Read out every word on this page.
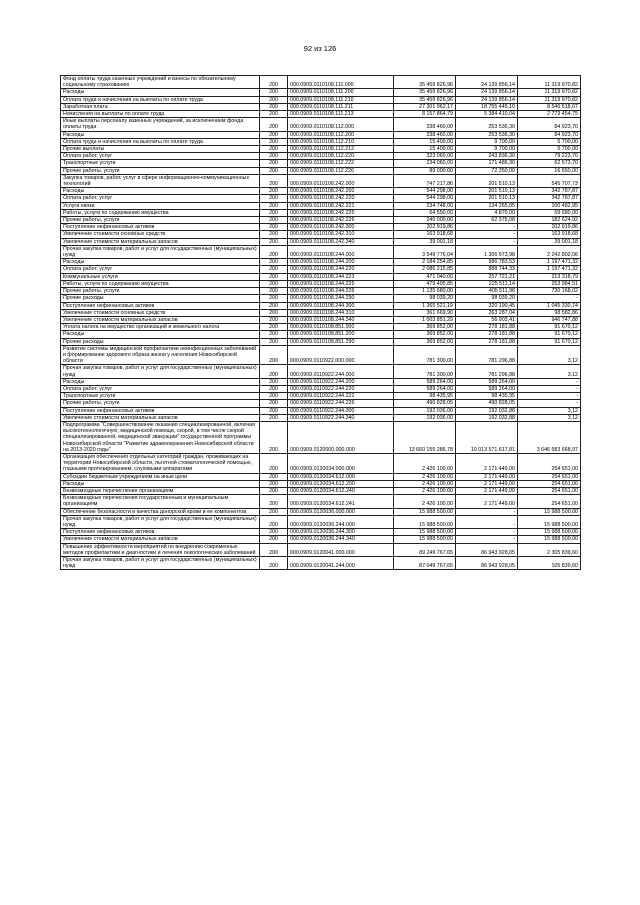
92 из 126
Фонд оплаты труда казенных учреждений и взносы по обязательному социальному страхованию	200	000.0909.0110108.111.000	35 459 826,96	24 139 856,14	11 319 970,82
Расходы	200	000.0909.0110108.111.200	35 459 826,96	24 139 856,14	11 319 970,82
Оплата труда и начисления на выплаты по оплате труда	200	000.0909.0110108.111.210	35 459 826,96	24 139 856,14	11 319 970,82
Заработная плата	200	000.0909.0110108.111.211	27 301 962,17	18 755 445,10	8 546 518,07
Начисления на выплаты по оплате труда	200	000.0909.0110108.111.213	8 157 864,79	5 384 410,04	2 773 454,75
Иные выплаты персоналу казенных учреждений, за исключением фонда оплаты труда	200	000.0909.0110108.112.000	338 460,00	253 536,30	84 923,70
Расходы	200	000.0909.0110108.112.200	338 460,00	253 536,30	84 923,70
Оплата труда и начисления на выплаты по оплате труда	200	000.0909.0110108.112.210	15 400,00	9 700,00	5 700,00
Прочие выплаты	200	000.0909.0110108.112.212	15 400,00	9 700,00	5 700,00
Оплата работ, услуг	200	000.0909.0110108.112.220	323 060,00	243 836,30	79 223,70
Транспортные услуги	200	000.0909.0110108.112.222	234 060,00	171 486,30	62 573,70
Прочие работы, услуги	200	000.0909.0110108.112.226	89 000,00	72 350,00	16 650,00
Закупка товаров, работ, услуг в сфере информационно-коммуникационных технологий	200	000.0909.0110108.242.000	747 217,86	201 510,13	545 707,73
Расходы	200	000.0909.0110108.242.200	544 298,00	201 510,13	342 787,87
Оплата работ, услуг	200	000.0909.0110108.242.220	544 298,00	201 510,13	342 787,87
Услуги связи	200	000.0909.0110108.242.221	234 748,00	134 265,05	100 482,95
Работы, услуги по содержанию имущества	200	000.0909.0110108.242.225	64 550,00	4 870,00	59 680,00
Прочие работы, услуги	200	000.0909.0110108.242.226	245 000,00	62 375,08	182 624,92
Поступление нефинансовых активов	200	000.0909.0110108.242.300	202 919,86	-	202 919,86
Увеличение стоимости основных средств	200	000.0909.0110108.242.310	163 918,68	-	163 918,68
Увеличение стоимости материальных запасов	200	000.0909.0110108.242.340	39 001,18	-	39 001,18
Прочая закупка товаров, работ и услуг для государственных (муниципальных) нужд	200	000.0909.0110108.244.000	3 549 776,04	1 306 973,98	2 242 802,06
Расходы	200	000.0909.0110108.244.200	2 184 254,85	986 783,53	1 197 471,32
Оплата работ, услуг	200	000.0909.0110108.244.220	2 086 215,85	888 744,33	1 197 471,32
Коммунальные услуги	200	000.0909.0110108.244.223	471 040,00	257 721,21	213 318,79
Работы, услуги по содержанию имущества	200	000.0909.0110108.244.225	479 495,85	225 511,14	253 984,51
Прочие работы, услуги	200	000.0909.0110108.244.226	1 135 680,00	405 511,98	730 168,02
Прочие расходы	200	000.0909.0110108.244.290	98 039,20	98 039,20	-
Поступление нефинансовых активов	200	000.0909.0110108.244.300	1 365 521,19	320 190,45	1 045 330,74
Увеличение стоимости основных средств	200	000.0909.0110108.244.310	361 669,90	263 287,04	98 582,86
Увеличение стоимости материальных запасов	200	000.0909.0110108.244.340	1 003 851,29	56 903,41	946 747,88
Уплата налога на имущество организаций и земельного налога	200	000.0909.0110108.851.000	369 852,00	278 181,88	91 670,12
Расходы	200	000.0909.0110108.851.200	369 852,00	278 181,88	91 670,12
Прочие расходы	200	000.0909.0110108.851.290	369 852,00	278 181,88	91 670,12
Развитие системы медицинской профилактики неинфекционных заболеваний и формирование здорового образа жизни у населения Новосибирской области	200	000.0909.0110922.000.000	781 300,00	781 296,88	3,12
Прочая закупка товаров, работ и услуг для государственных (муниципальных) нужд	200	000.0909.0110922.244.000	781 300,00	781 296,88	3,12
Расходы	200	000.0909.0110922.244.200	589 264,00	589 264,00	-
Оплата работ, услуг	200	000.0909.0110922.244.220	589 264,00	589 264,00	-
Транспортные услуги	200	000.0909.0110922.244.222	98 435,95	98 435,95	-
Прочие работы, услуги	200	000.0909.0110922.244.226	490 828,05	490 828,05	-
Поступление нефинансовых активов	200	000.0909.0110922.244.300	192 036,00	192 032,88	3,12
Увеличение стоимости материальных запасов	200	000.0909.0110922.244.340	192 036,00	192 032,88	3,12
Подпрограмма "Совершенствование оказания специализированной, включая высокотехнологичную, медицинской помощи, скорой, в том числе скорой специализированной, медицинской эвакуации" государственной программы Новосибирской области "Развитие здравоохранения Новосибирской области на 2013-2020 годы"	200	000.0909.0120000.000.000	13 660 155 286,78	10 013 571 617,81	3 646 583 668,97
Организация обеспечения отдельных категорий граждан, проживающих на территории Новосибирской области, льготной стоматологической помощью, глазными протезированием, слуховыми аппаратами	200	000.0909.0120034.000.000	2 426 100,00	2 171 449,00	254 651,00
Субсидии бюджетным учреждениям на иные цели	200	000.0909.0120034.612.000	2 426 100,00	2 171 449,00	254 651,00
Расходы	200	000.0909.0120034.612.200	2 426 100,00	2 171 449,00	254 651,00
Безвозмездные перечисления организациям	200	000.0909.0120034.612.240	2 426 100,00	2 171 449,00	254 651,00
Безвозмездные перечисления государственным и муниципальным организациям	200	000.0909.0120034.612.241	2 426 100,00	2 171 449,00	254 651,00
Обеспечение безопасности и качества донорской крови и ее компонентов	200	000.0909.0120036.000.000	15 988 500,00	-	15 988 500,00
Прочая закупка товаров, работ и услуг для государственных (муниципальных) нужд	200	000.0909.0120036.244.000	15 988 500,00	-	15 988 500,00
Поступление нефинансовых активов	200	000.0909.0120036.244.300	15 988 500,00	-	15 988 500,00
Увеличение стоимости материальных запасов	200	000.0909.0120036.244.340	15 988 500,00	-	15 988 500,00
Повышение эффективности мероприятий по внедрению современных методов профилактики и диагностики и лечения онкологических заболеваний	200	000.0909.0120041.000.000	89 249 767,65	86 943 928,05	2 305 839,60
Прочая закупка товаров, работ и услуг для государственных (муниципальных) нужд	200	000.0909.0120041.244.000	87 049 767,65	86 943 928,05	105 839,60
